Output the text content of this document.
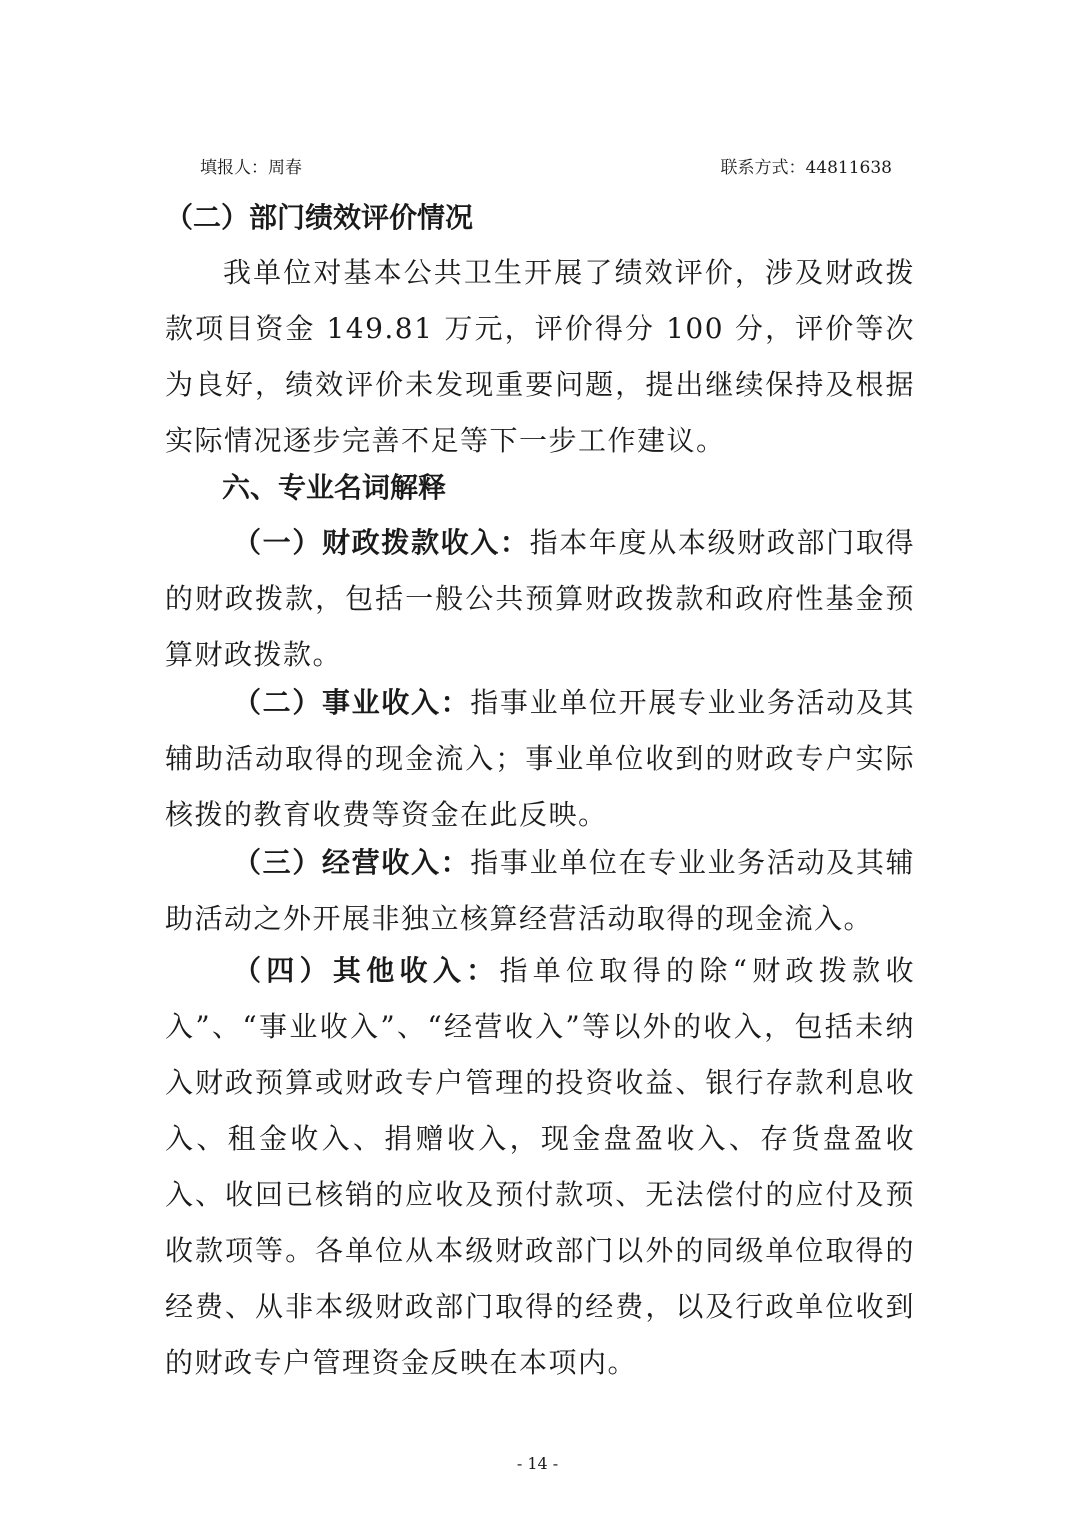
填报人：周春	联系方式：44811638
（二）部门绩效评价情况

我单位对基本公共卫生开展了绩效评价，涉及财政拨款项目资金 149.81 万元，评价得分 100 分，评价等次为良好，绩效评价未发现重要问题，提出继续保持及根据实际情况逐步完善不足等下一步工作建议。

六、专业名词解释

（一）财政拨款收入：指本年度从本级财政部门取得的财政拨款，包括一般公共预算财政拨款和政府性基金预算财政拨款。

（二）事业收入：指事业单位开展专业业务活动及其辅助活动取得的现金流入；事业单位收到的财政专户实际核拨的教育收费等资金在此反映。

（三）经营收入：指事业单位在专业业务活动及其辅助活动之外开展非独立核算经营活动取得的现金流入。

（四）其他收入：指单位取得的除“财政拨款收入”、“事业收入”、“经营收入”等以外的收入，包括未纳入财政预算或财政专户管理的投资收益、银行存款利息收入、租金收入、捐赠收入，现金盘盈收入、存货盘盈收入、收回已核销的应收及预付款项、无法偿付的应付及预收款项等。各单位从本级财政部门以外的同级单位取得的经费、从非本级财政部门取得的经费，以及行政单位收到的财政专户管理资金反映在本项内。

- 14 -
